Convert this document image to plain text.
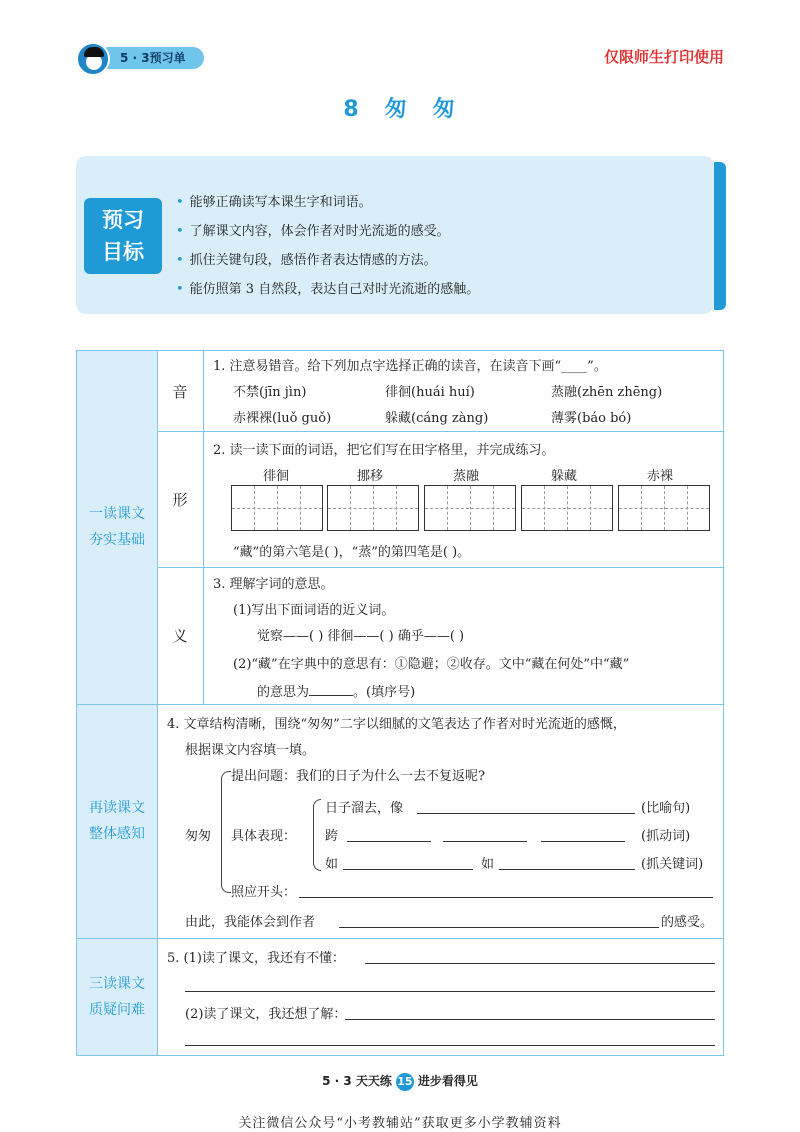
5 · 3预习单	仅限师生打印使用
8 匆 匆
预习
目标
• 能够正确读写本课生字和词语。
• 了解课文内容，体会作者对时光流逝的感受。
• 抓住关键句段，感悟作者表达情感的方法。
• 能仿照第 3 自然段，表达自己对时光流逝的感触。
一读课文
夯实基础
再读课文
整体感知
三读课文
质疑问难
音
1. 注意易错音。给下列加点字选择正确的读音，在读音下画“____”。
不禁(jīn jìn)	徘徊(huái huí)	蒸融(zhēn zhēng)
赤裸裸(luǒ guǒ)	躲藏(cáng zàng)	薄雾(báo bó)
形
2. 读一读下面的词语，把它们写在田字格里，并完成练习。
徘徊	挪移	蒸融	躲藏	赤裸
“藏”的第六笔是( )，“蒸”的第四笔是( )。
义
3. 理解字词的意思。
(1)写出下面词语的近义词。
觉察——( ) 徘徊——( ) 确乎——( )
(2)“藏”在字典中的意思有：①隐避；②收存。文中“藏在何处”中“藏”
的意思为	。(填序号)
4. 文章结构清晰，围绕“匆匆”二字以细腻的文笔表达了作者对时光流逝的感慨，
根据课文内容填一填。
匆匆
提出问题：我们的日子为什么一去不复返呢?
具体表现：
日子溜去，像	(比喻句)
跨	(抓动词)
如	如	(抓关键词)
照应开头：
由此，我能体会到作者	的感受。
5. (1)读了课文，我还有不懂：
(2)读了课文，我还想了解：
5 · 3 天天练 15 进步看得见
关注微信公众号“小考教辅站”获取更多小学教辅资料
